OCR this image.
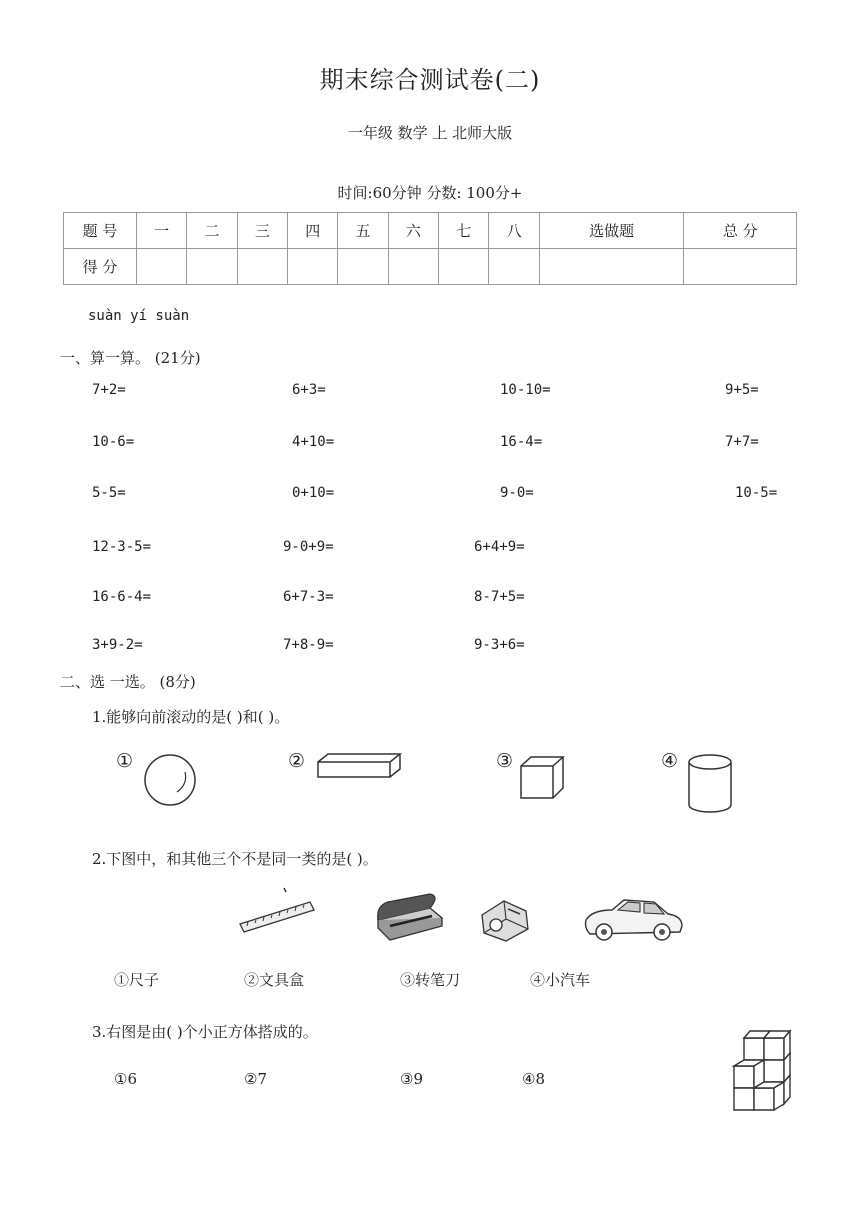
期末综合测试卷(二)
一年级 数学 上 北师大版
时间:60分钟 分数: 100分+
题 号	一	二	三	四	五	六	七	八	选做题	总 分
得 分										
suàn yí suàn
一、算一算。 (21分)
7+2=	6+3=	10-10=	9+5=
10-6=	4+10=	16-4=	7+7=
5-5=	0+10=	9-0=	10-5=
12-3-5=	9-0+9=	6+4+9=
16-6-4=	6+7-3=	8-7+5=
3+9-2=	7+8-9=	9-3+6=
二、选 一选。 (8分)
1.能够向前滚动的是( )和( )。
①	②	③	④
2.下图中，和其他三个不是同一类的是( )。
①尺子	②文具盒	③转笔刀	④小汽车
3.右图是由( )个小正方体搭成的。
①6	②7	③9	④8
